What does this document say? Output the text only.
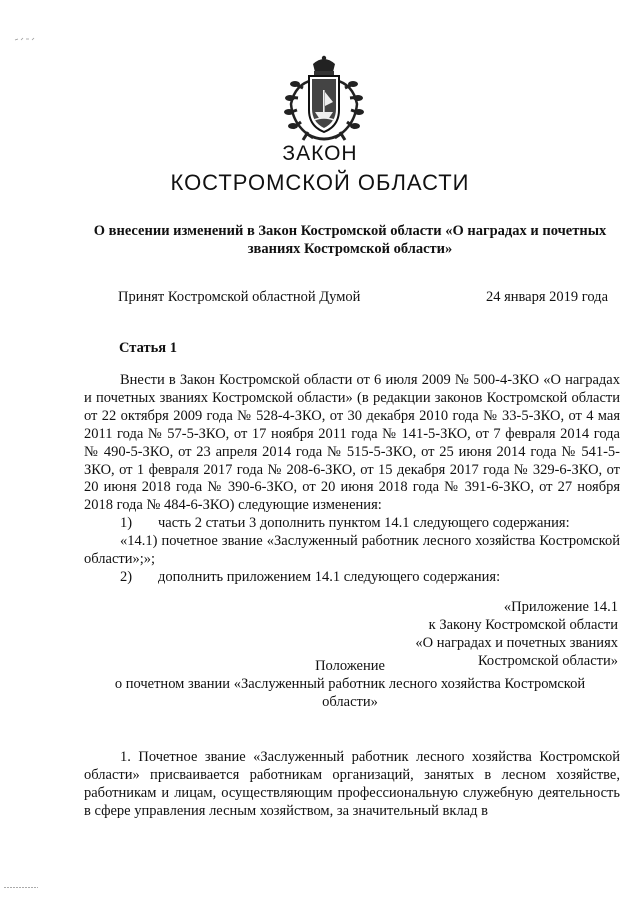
ЗАКОН
КОСТРОМСКОЙ ОБЛАСТИ
О внесении изменений в Закон Костромской области «О наградах и почетных
званиях Костромской области»
Принят Костромской областной Думой	24 января 2019 года
Статья 1

Внести в Закон Костромской области от 6 июля 2009 № 500-4-ЗКО «О наградах и почетных званиях Костромской области» (в редакции законов Костромской области от 22 октября 2009 года № 528-4-ЗКО, от 30 декабря 2010 года № 33-5-ЗКО, от 4 мая 2011 года № 57-5-ЗКО, от 17 ноября 2011 года № 141-5-ЗКО, от 7 февраля 2014 года № 490-5-ЗКО, от 23 апреля 2014 года № 515-5-ЗКО, от 25 июня 2014 года № 541-5-ЗКО, от 1 февраля 2017 года № 208-6-ЗКО, от 15 декабря 2017 года № 329-6-ЗКО, от 20 июня 2018 года № 390-6-ЗКО, от 20 июня 2018 года № 391-6-ЗКО, от 27 ноября 2018 года № 484-6-ЗКО) следующие изменения:

1) часть 2 статьи 3 дополнить пунктом 14.1 следующего содержания:

«14.1) почетное звание «Заслуженный работник лесного хозяйства Костромской области»;»;

2) дополнить приложением 14.1 следующего содержания:

«Приложение 14.1
к Закону Костромской области
«О наградах и почетных званиях
Костромской области»
Положение
о почетном звании «Заслуженный работник лесного хозяйства Костромской
области»
1. Почетное звание «Заслуженный работник лесного хозяйства Костромской области» присваивается работникам организаций, занятых в лесном хозяйстве, работникам и лицам, осуществляющим профессиональную служебную деятельность в сфере управления лесным хозяйством, за значительный вклад в
